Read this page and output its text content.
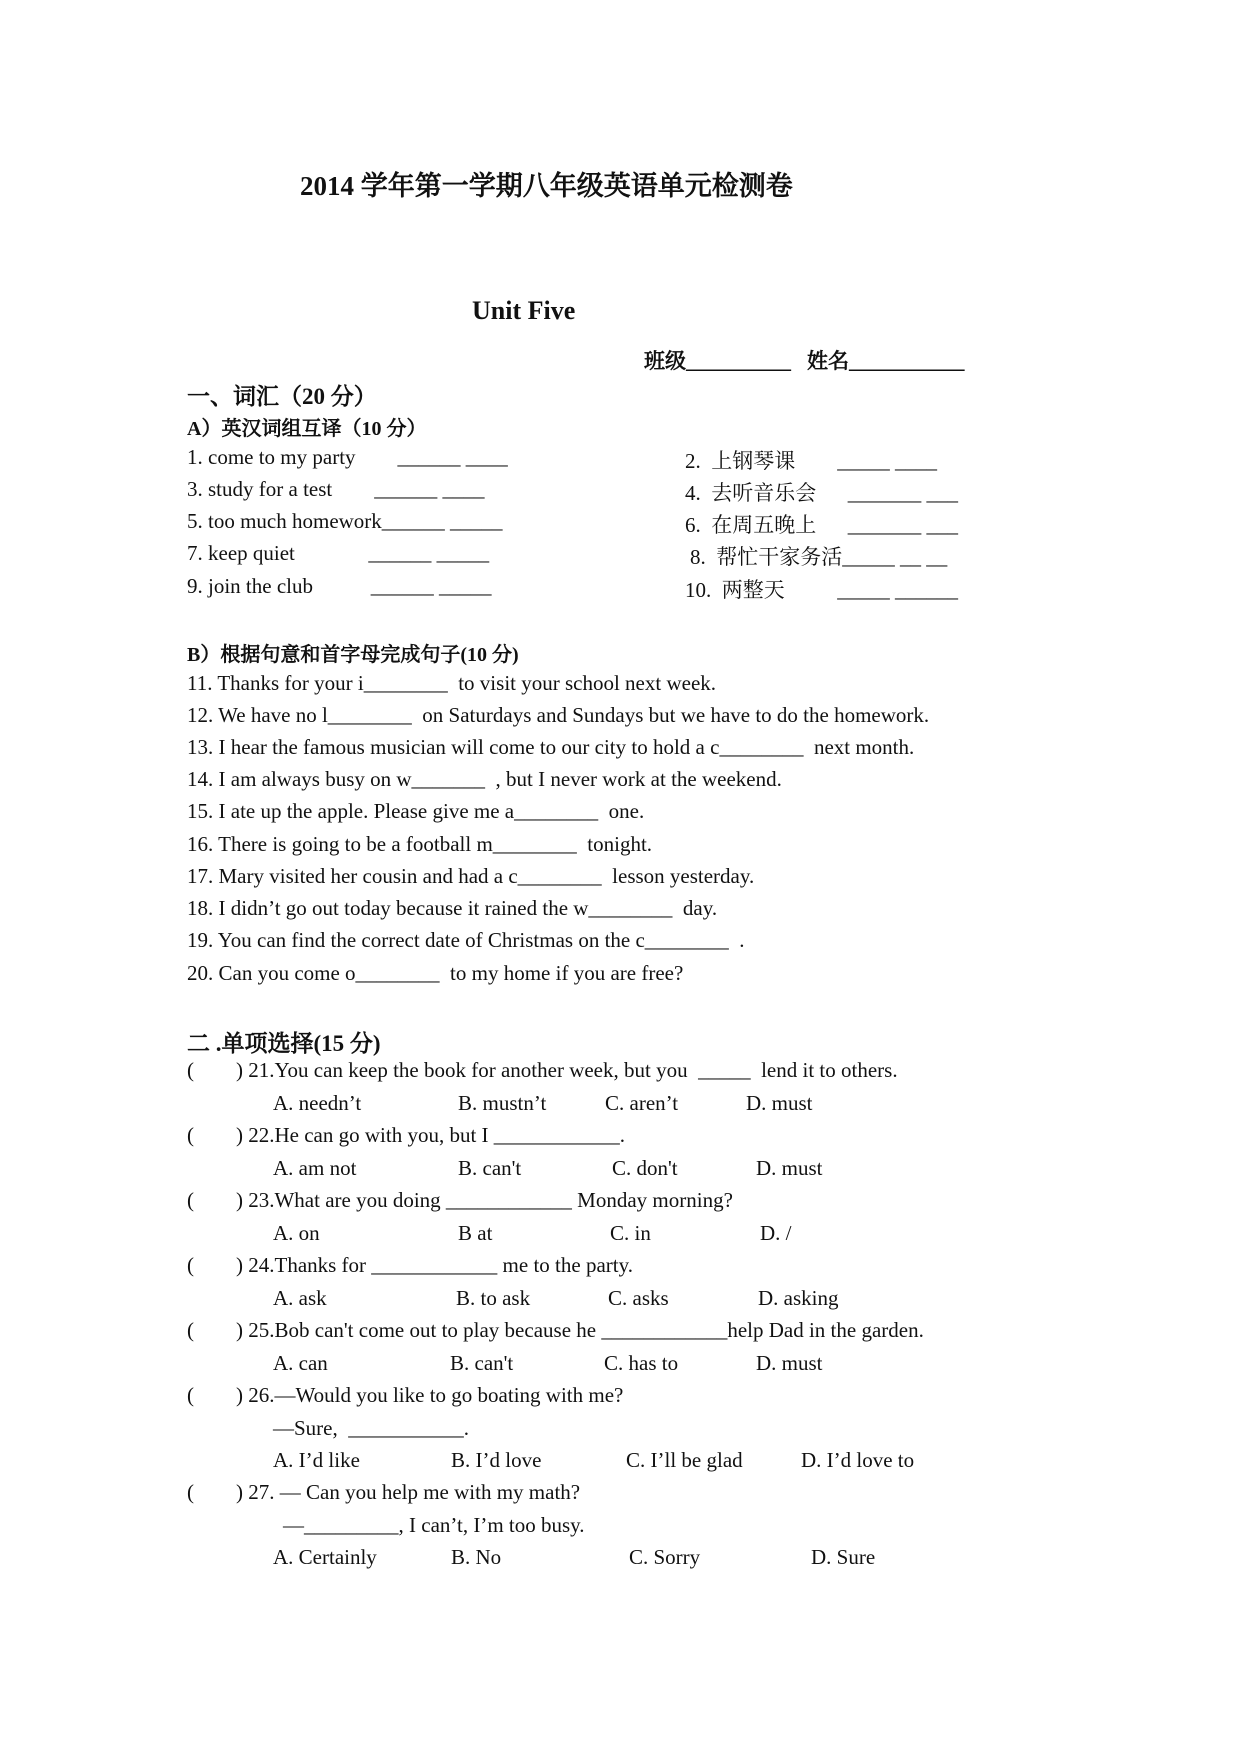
2014 学年第一学期八年级英语单元检测卷
Unit Five
班级__________ 姓名___________
一、词汇（20 分）
A）英汉词组互译（10 分）
1. come to my party        ______ ____
3. study for a test        ______ ____
5. too much homework______ _____
7. keep quiet              ______ _____
9. join the club           ______ _____
2.  上钢琴课        _____ ____
4.  去听音乐会      _______ ___
6.  在周五晚上      _______ ___
8.  帮忙干家务活_____ __ __
10.  两整天          _____ ______
B）根据句意和首字母完成句子(10 分)
11. Thanks for your i________  to visit your school next week.
12. We have no l________  on Saturdays and Sundays but we have to do the homework.
13. I hear the famous musician will come to our city to hold a c________  next month.
14. I am always busy on w_______  , but I never work at the weekend.
15. I ate up the apple. Please give me a________  one.
16. There is going to be a football m________  tonight.
17. Mary visited her cousin and had a c________  lesson yesterday.
18. I didn’t go out today because it rained the w________  day.
19. You can find the correct date of Christmas on the c________  .
20. Can you come o________  to my home if you are free?
二 .单项选择(15 分)
(        ) 21.You can keep the book for another week, but you  _____  lend it to others.
A. needn’t	B. mustn’t	C. aren’t	D. must
(        ) 22.He can go with you, but I ____________.
A. am not	B. can't	C. don't	D. must
(        ) 23.What are you doing ____________ Monday morning?
A. on	B at	C. in	D. /
(        ) 24.Thanks for ____________ me to the party.
A. ask	B. to ask	C. asks	D. asking
(        ) 25.Bob can't come out to play because he ____________help Dad in the garden.
A. can	B. can't	C. has to	D. must
(        ) 26.—Would you like to go boating with me?
—Sure,  ___________.
A. I’d like	B. I’d love	C. I’ll be glad	D. I’d love to
(        ) 27. — Can you help me with my math?
—_________, I can’t, I’m too busy.
A. Certainly	B. No	C. Sorry	D. Sure
